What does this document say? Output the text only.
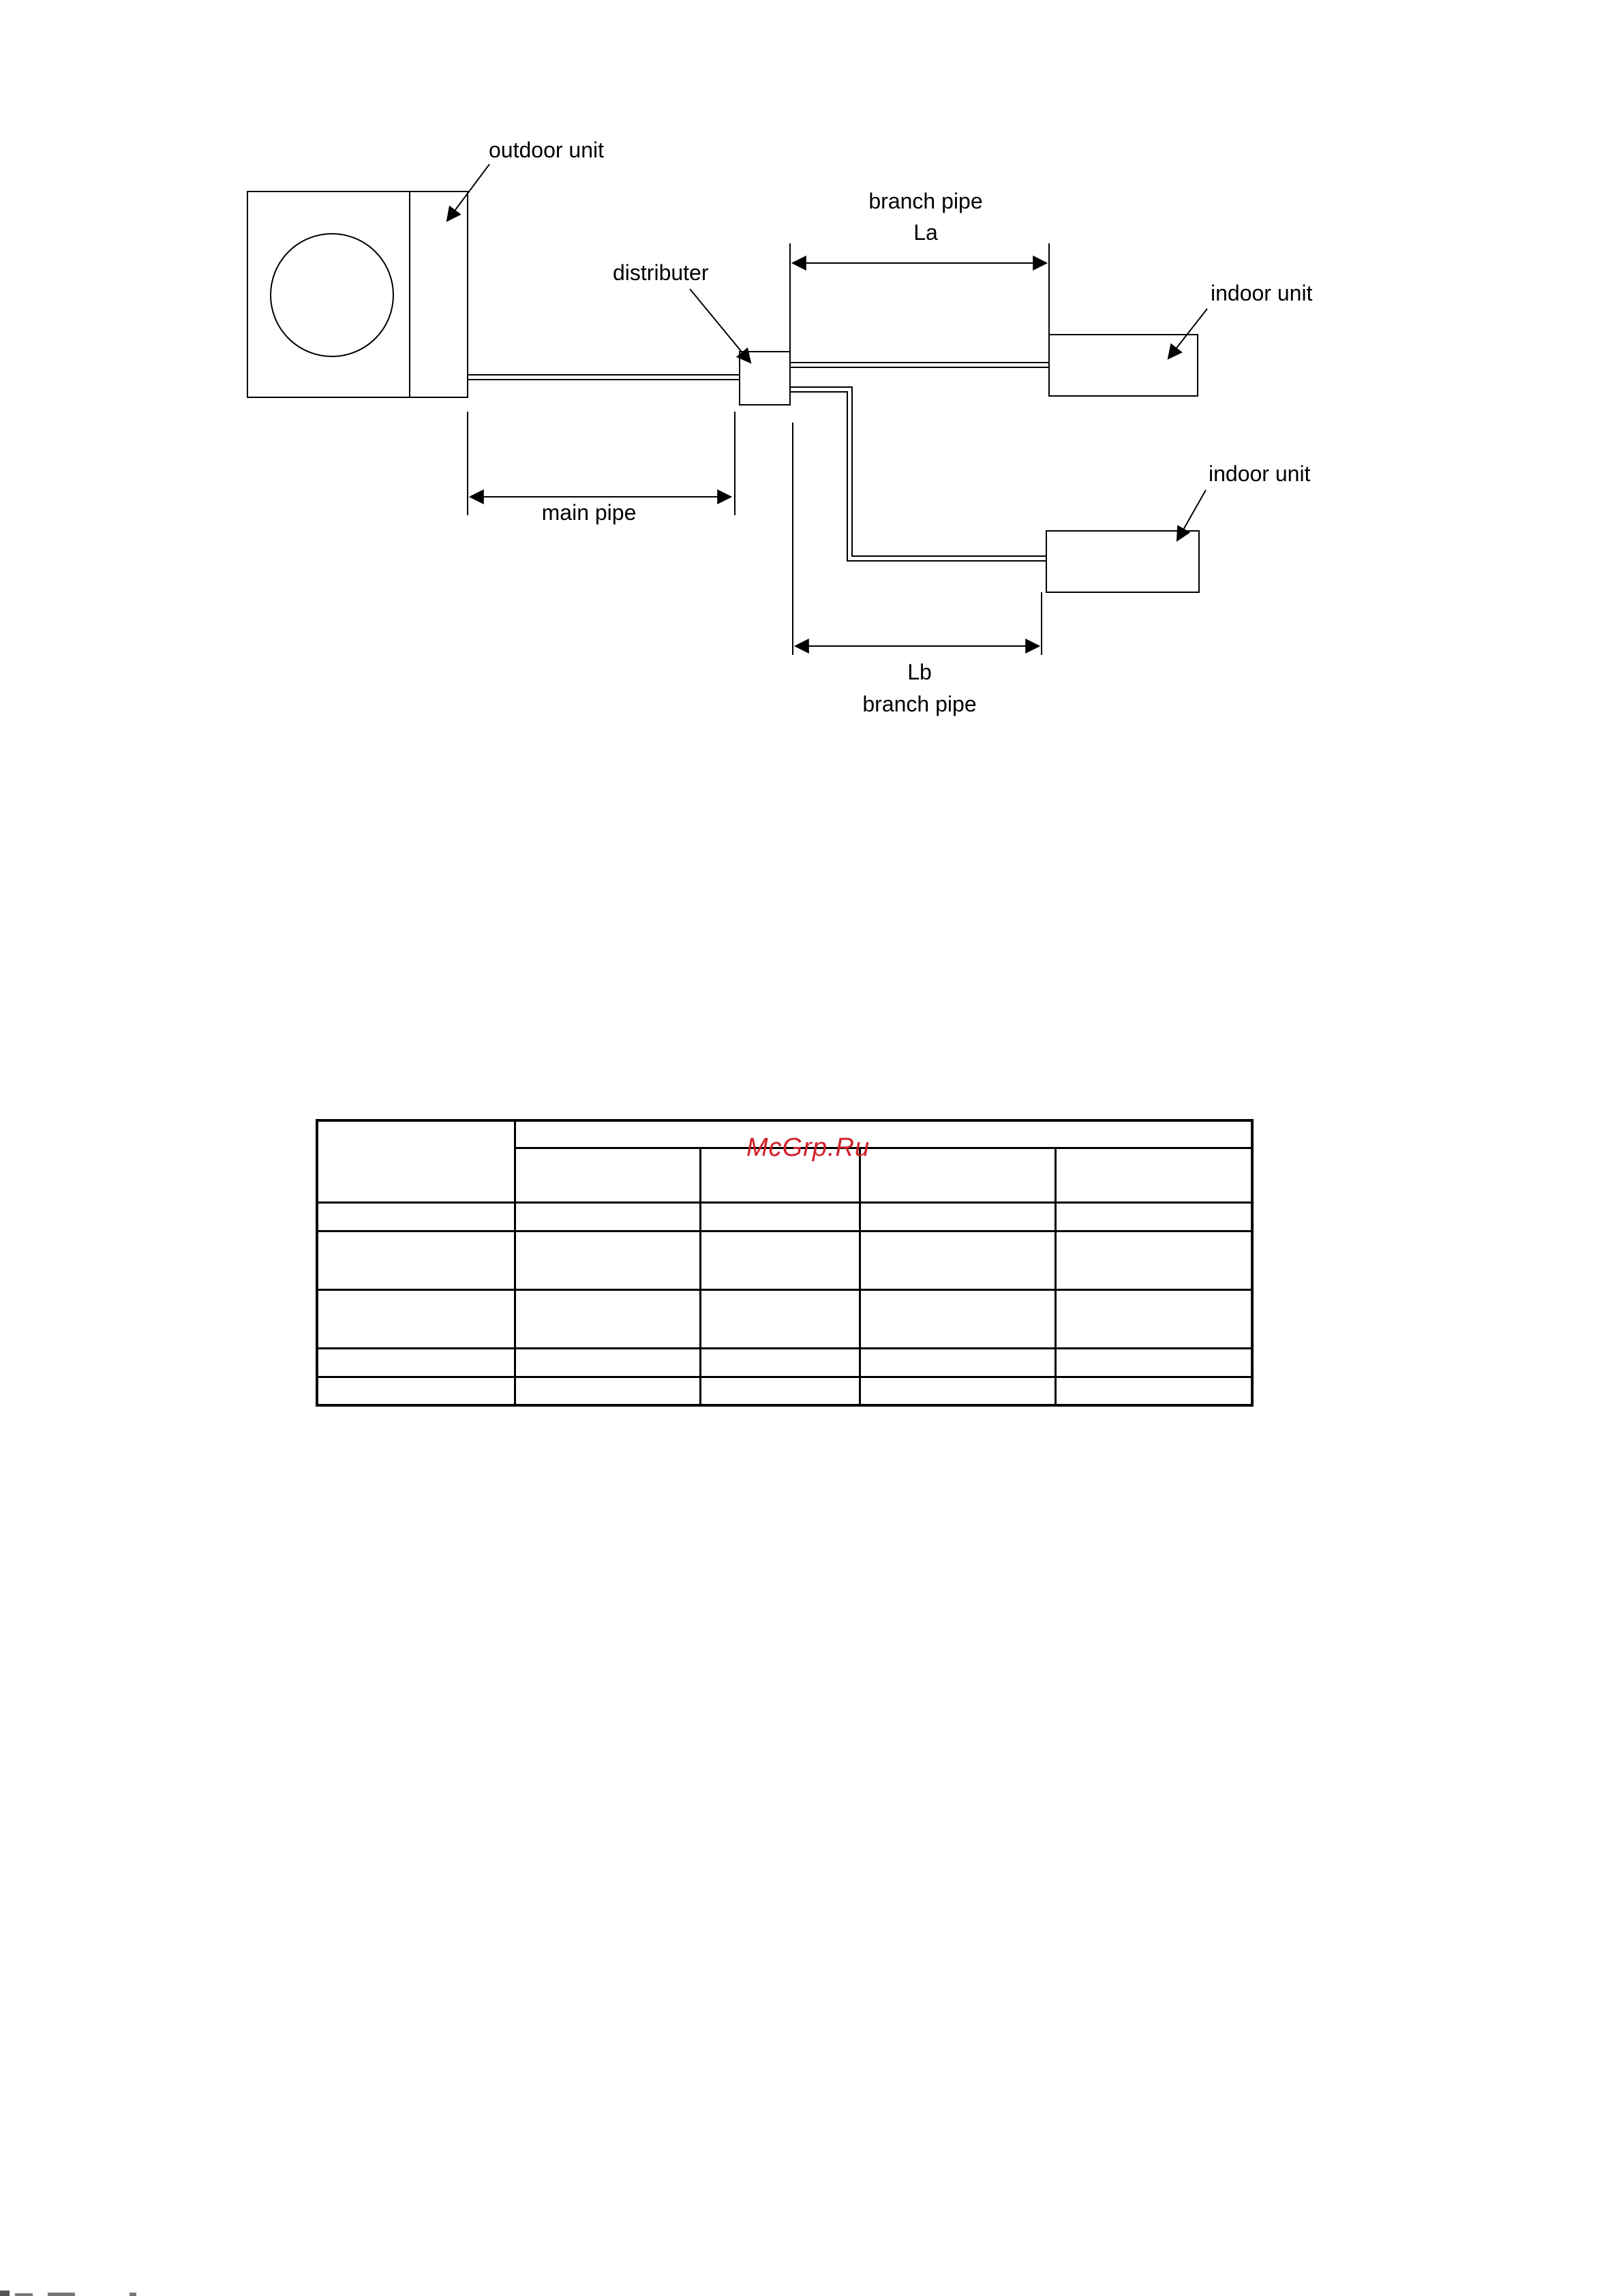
outdoor unit
distributer
branch pipe
La
indoor unit
indoor unit
main pipe
Lb
branch pipe

McGrp.Ru
